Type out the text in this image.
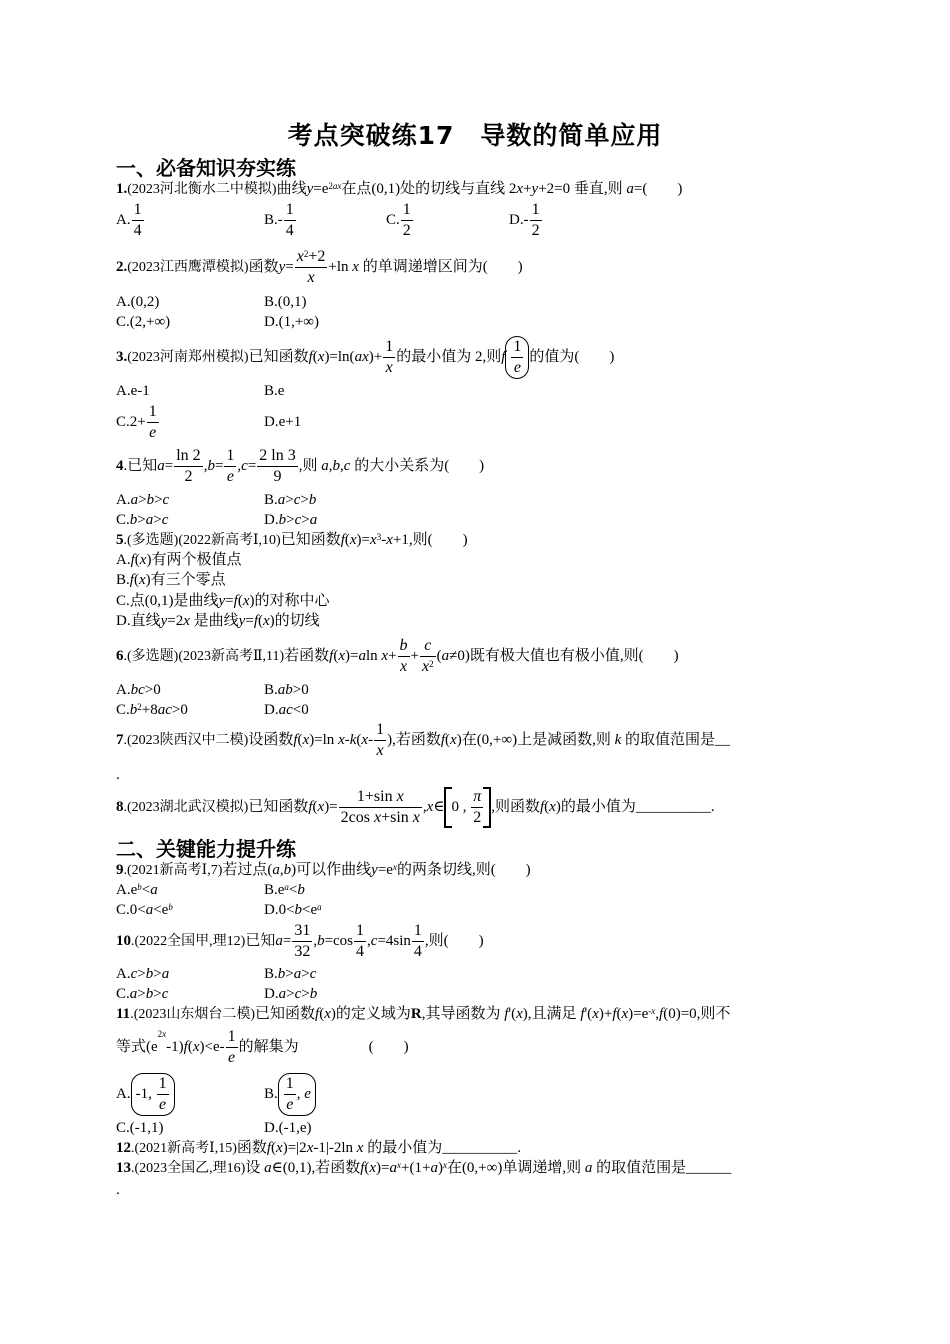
考点突破练17　导数的简单应用
一、必备知识夯实练
1.(2023河北衡水二中模拟)曲线$y=e^{2ax}$在点(0,1)处的切线与直线 2x+y+2=0 垂直,则 a=(　　)
A. $\frac{1}{4}$	$B.- \frac{1}{4}$	C. $\frac{1}{2}$	$D.- \frac{1}{2}$
2.(2023江西鹰潭模拟)函数$y= \frac{x^2+2}{x} +\ln$ x 的单调递增区间为(　　)
A.(0,2)	B.(0,1)
C.(2,+∞)	D.(1,+∞)
3.(2023河南郑州模拟)已知函数$f(x)=\ln(ax)+ \frac{1}{x}$ 的最小值为 2,则f $\frac{1}{e}$ 的值为(　　)
A.e-1	B.e
$C.2+ \frac{1}{e}$	D.e+1
4.已知$a= \frac{\ln 2}{2} ,b= \frac{1}{e} ,c= \frac{2 \ln 3}{9}$ ,则 a,b,c 的大小关系为(　　)
A.a>b>c	B.a>c>b
C.b>a>c	D.b>c>a
5.(多选题)(2022新高考Ⅰ,10)已知函数$f(x)=x^3-x+1$,则(　　)
A.f(x)有两个极值点
B.f(x)有三个零点
C.点(0,1)是曲线y=f(x)的对称中心
D.直线y=2x 是曲线y=f(x)的切线
6.(多选题)(2023新高考Ⅱ,11)若函数f(x)=aln $x+ \frac{b}{x} + \frac{c}{x^2} (a\ne 0)$既有极大值也有极小值,则(　　)
A.bc>0	B.ab>0
$C.b^2+8ac>0$	D.ac<0
7.(2023陕西汉中二模)设函数f(x)=ln $x-k(x- \frac{1}{x}$ ),若函数f(x)在(0,+∞)上是减函数,则 k 的取值范围是__
.
8.(2023湖北武汉模拟)已知函数$f(x)= \frac{\text{1+sin x}}{\text{2cos x+sin x}}$ ,x∈ 0 , $\frac{\pi}{2}$ ,则函数f(x)的最小值为__________.
二、关键能力提升练
9.(2021新高考Ⅰ,7)若过点(a,b)可以作曲线$y=e^x$的两条切线,则(　　)
$A.e^b<a$	$B.e^a<b$
$C.0<a<e^b$	$D.0<b<e^a$
10.(2022全国甲,理12)已知$a= \frac{31}{32} ,b=\cos \frac{1}{4} ,c=4\sin \frac{1}{4}$ ,则(　　)
A.c>b>a	B.b>a>c
C.a>b>c	D.a>c>b
11.(2023山东烟台二模)已知函数f(x)的定义域为R,其导函数为 f'(x),且满足 $f'(x)+f(x)=e^{-x},f(0)=0$,则不
等式$(e^{2x}-1)f(x)<e- \frac{1}{e}$ 的解集为	(　　)
A. -1, $\frac{1}{e}$	B. $\frac{1}{e}$ , e
C.(-1,1)	D.(-1,e)
12.(2021新高考Ⅰ,15)函数f(x)=|2x-1|-2ln x 的最小值为__________.
13.(2023全国乙,理16)设 a∈(0,1),若函数$f(x)=a^x+(1+a)^x$在(0,+∞)单调递增,则 a 的取值范围是______
.
